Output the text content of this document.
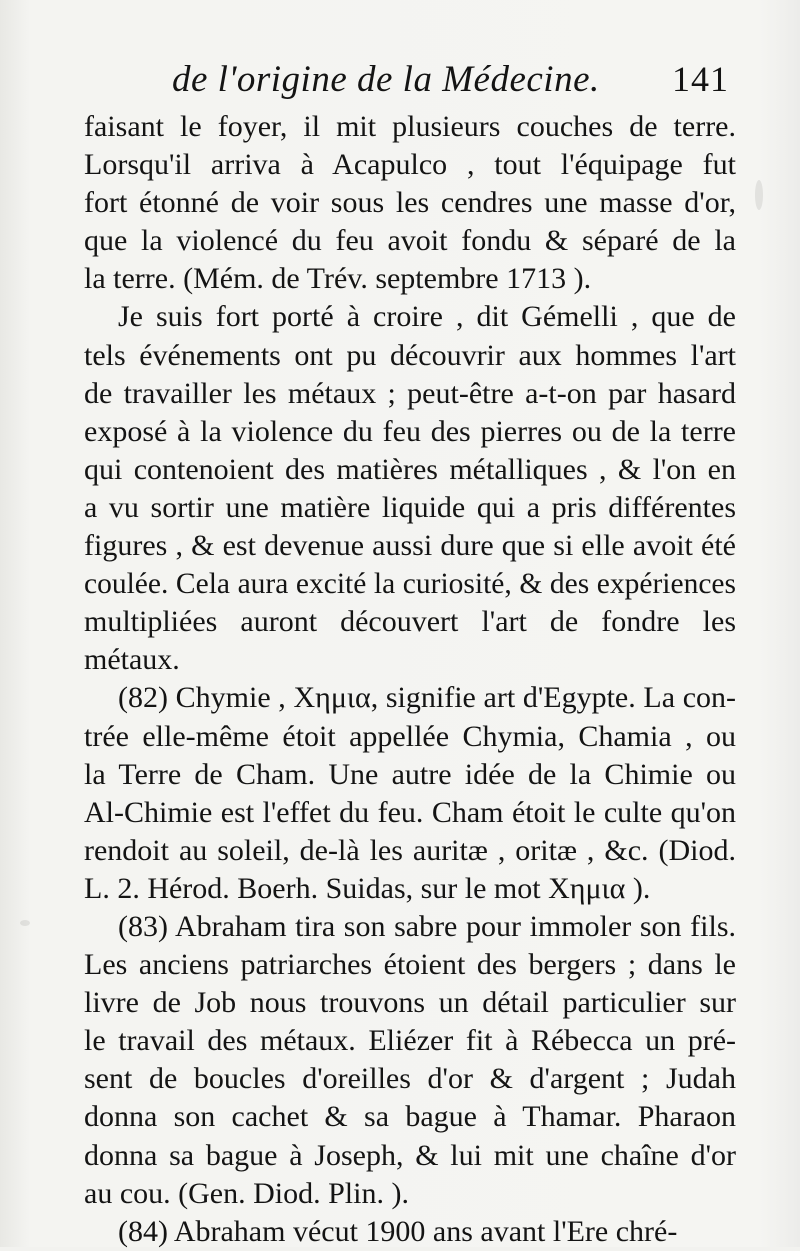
de l'origine de la Médecine. 141
faisant le foyer, il mit plusieurs couches de terre.
Lorsqu'il arriva à Acapulco , tout l'équipage fut
fort étonné de voir sous les cendres une masse d'or,
que la violencé du feu avoit fondu & séparé de la
la terre. (Mém. de Trév. septembre 1713 ).
Je suis fort porté à croire , dit Gémelli , que de
tels événements ont pu découvrir aux hommes l'art
de travailler les métaux ; peut-être a-t-on par hasard
exposé à la violence du feu des pierres ou de la terre
qui contenoient des matières métalliques , & l'on en
a vu sortir une matière liquide qui a pris différentes
figures , & est devenue aussi dure que si elle avoit été
coulée. Cela aura excité la curiosité, & des expériences
multipliées auront découvert l'art de fondre les
métaux.
(82) Chymie , Χημια, signifie art d'Egypte. La con-
trée elle-même étoit appellée Chymia, Chamia , ou
la Terre de Cham. Une autre idée de la Chimie ou
Al-Chimie est l'effet du feu. Cham étoit le culte qu'on
rendoit au soleil, de-là les auritæ , oritæ , &c. (Diod.
L. 2. Hérod. Boerh. Suidas, sur le mot Χημια ).
(83) Abraham tira son sabre pour immoler son fils.
Les anciens patriarches étoient des bergers ; dans le
livre de Job nous trouvons un détail particulier sur
le travail des métaux. Eliézer fit à Rébecca un pré-
sent de boucles d'oreilles d'or & d'argent ; Judah
donna son cachet & sa bague à Thamar. Pharaon
donna sa bague à Joseph, & lui mit une chaîne d'or
au cou. (Gen. Diod. Plin. ).
(84) Abraham vécut 1900 ans avant l'Ere chré-
